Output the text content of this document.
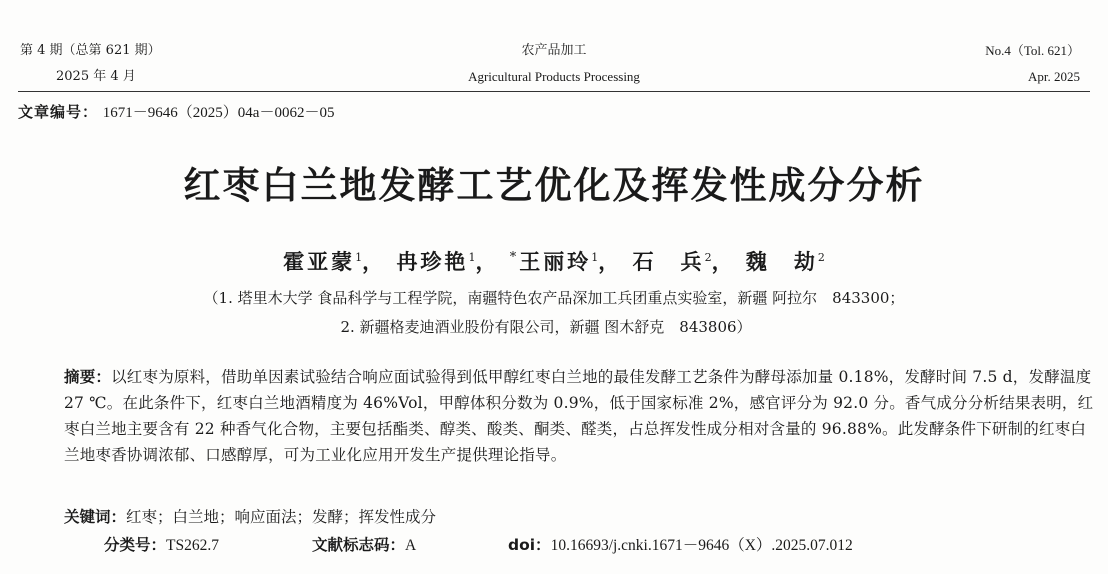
第 4 期（总第 621 期）
2025 年 4 月
农产品加工
Agricultural Products Processing
No.4（Tol. 621）
Apr. 2025
文章编号： 1671－9646（2025）04a－0062－05
红枣白兰地发酵工艺优化及挥发性成分分析
霍亚蒙$^1$， 冉珍艳$^1$， *王丽玲$^1$， 石　兵$^2$， 魏　劫$^2$
（1. 塔里木大学 食品科学与工程学院，南疆特色农产品深加工兵团重点实验室，新疆 阿拉尔　843300；
2. 新疆格麦迪酒业股份有限公司，新疆 图木舒克　843806）
摘要：以红枣为原料，借助单因素试验结合响应面试验得到低甲醇红枣白兰地的最佳发酵工艺条件为酵母添加量 0.18%，发酵时间 7.5 d，发酵温度 27 ℃。在此条件下，红枣白兰地酒精度为 46%Vol，甲醇体积分数为 0.9%，低于国家标准 2%，感官评分为 92.0 分。香气成分分析结果表明，红枣白兰地主要含有 22 种香气化合物，主要包括酯类、醇类、酸类、酮类、醛类，占总挥发性成分相对含量的 96.88%。此发酵条件下研制的红枣白兰地枣香协调浓郁、口感醇厚，可为工业化应用开发生产提供理论指导。
关键词：红枣；白兰地；响应面法；发酵；挥发性成分
分类号：TS262.7	文献标志码：A	doi：10.16693/j.cnki.1671－9646（X）.2025.07.012
